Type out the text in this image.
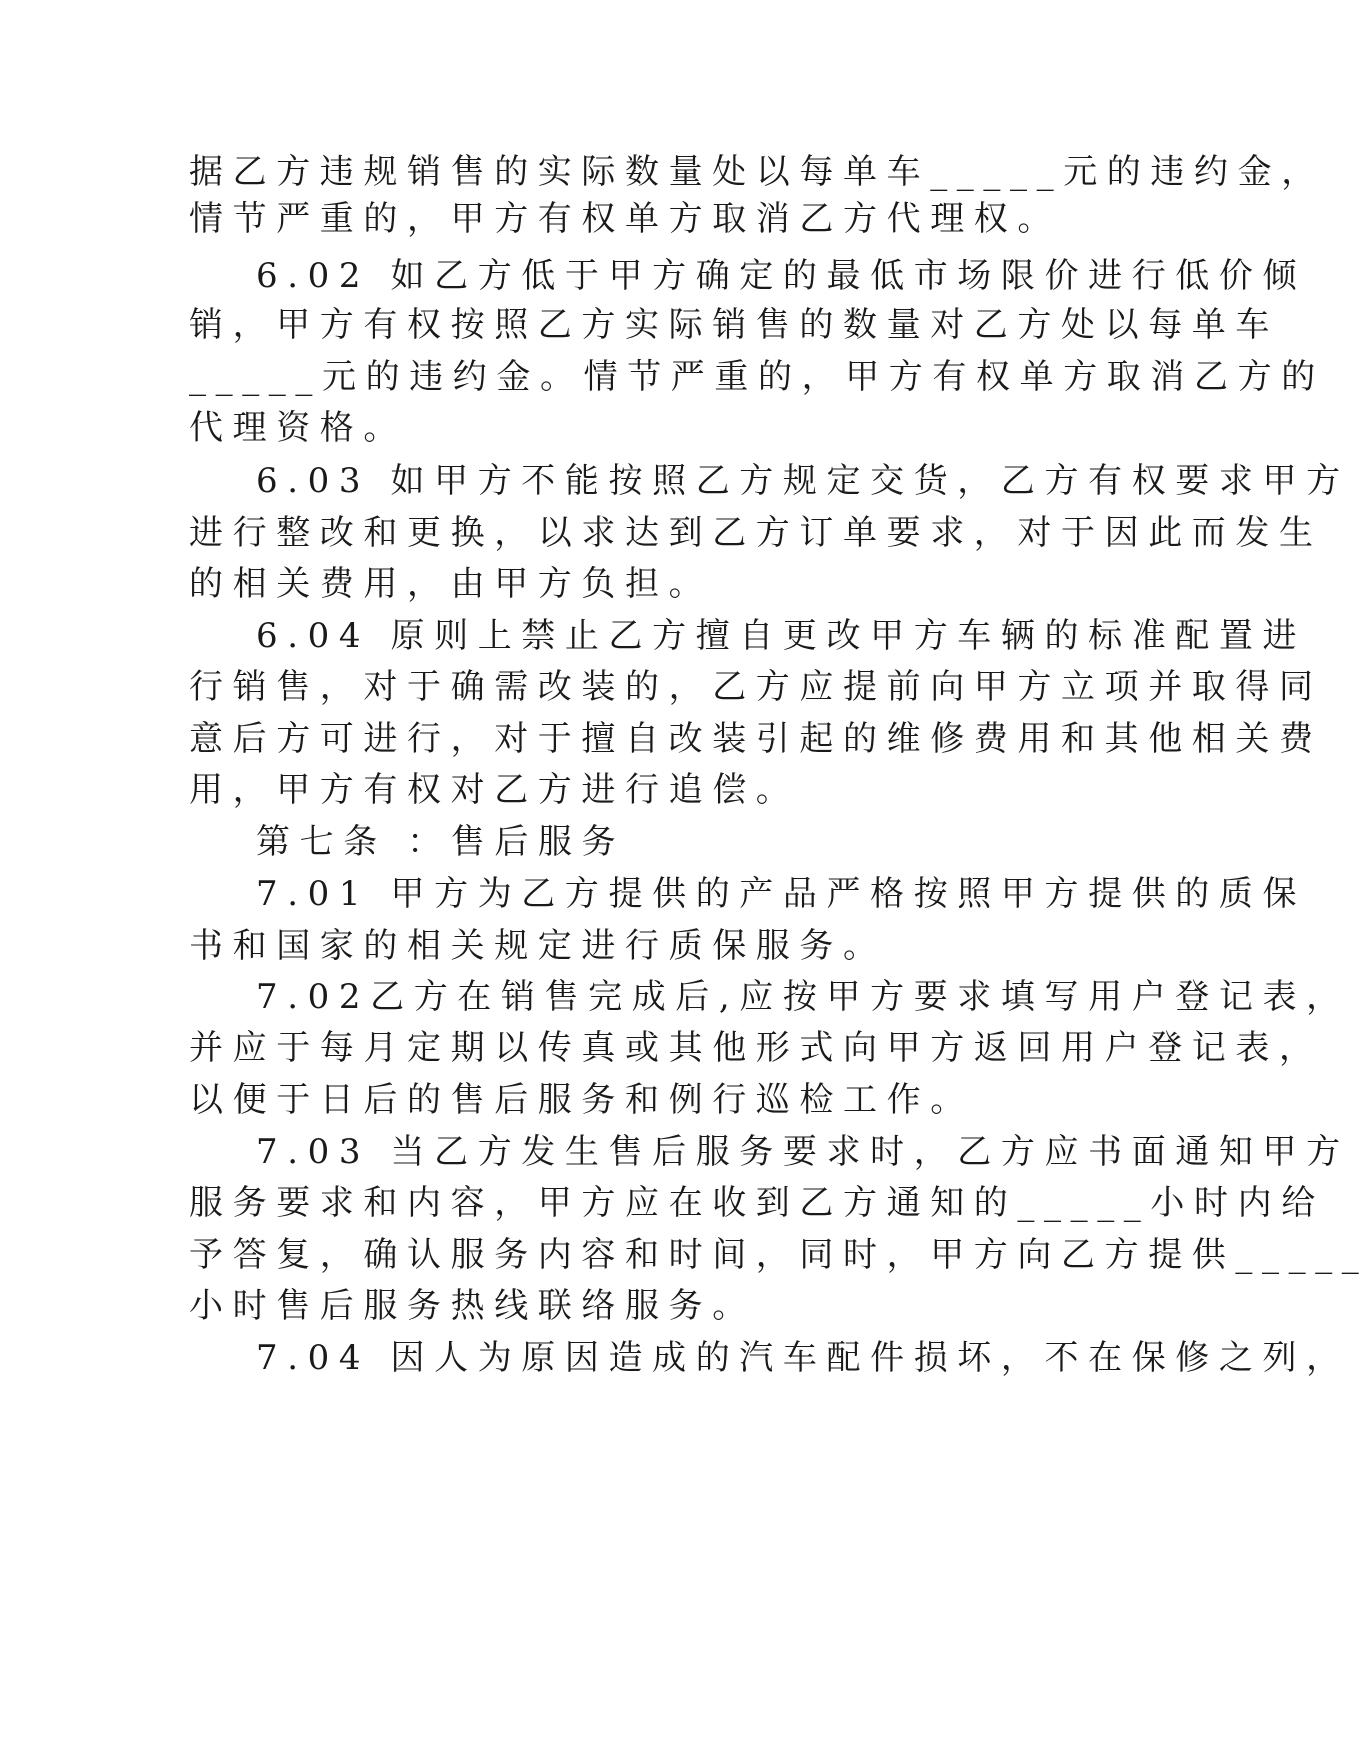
据乙方违规销售的实际数量处以每单车_____元的违约金，
情节严重的，甲方有权单方取消乙方代理权。
6.02 如乙方低于甲方确定的最低市场限价进行低价倾
销，甲方有权按照乙方实际销售的数量对乙方处以每单车
_____元的违约金。情节严重的，甲方有权单方取消乙方的
代理资格。
6.03 如甲方不能按照乙方规定交货，乙方有权要求甲方
进行整改和更换，以求达到乙方订单要求，对于因此而发生
的相关费用，由甲方负担。
6.04 原则上禁止乙方擅自更改甲方车辆的标准配置进
行销售，对于确需改装的，乙方应提前向甲方立项并取得同
意后方可进行，对于擅自改装引起的维修费用和其他相关费
用，甲方有权对乙方进行追偿。
第七条 ：售后服务
7.01 甲方为乙方提供的产品严格按照甲方提供的质保
书和国家的相关规定进行质保服务。
7.02乙方在销售完成后,应按甲方要求填写用户登记表，
并应于每月定期以传真或其他形式向甲方返回用户登记表，
以便于日后的售后服务和例行巡检工作。
7.03 当乙方发生售后服务要求时，乙方应书面通知甲方
服务要求和内容，甲方应在收到乙方通知的_____小时内给
予答复，确认服务内容和时间，同时，甲方向乙方提供_____
小时售后服务热线联络服务。
7.04 因人为原因造成的汽车配件损坏，不在保修之列，
